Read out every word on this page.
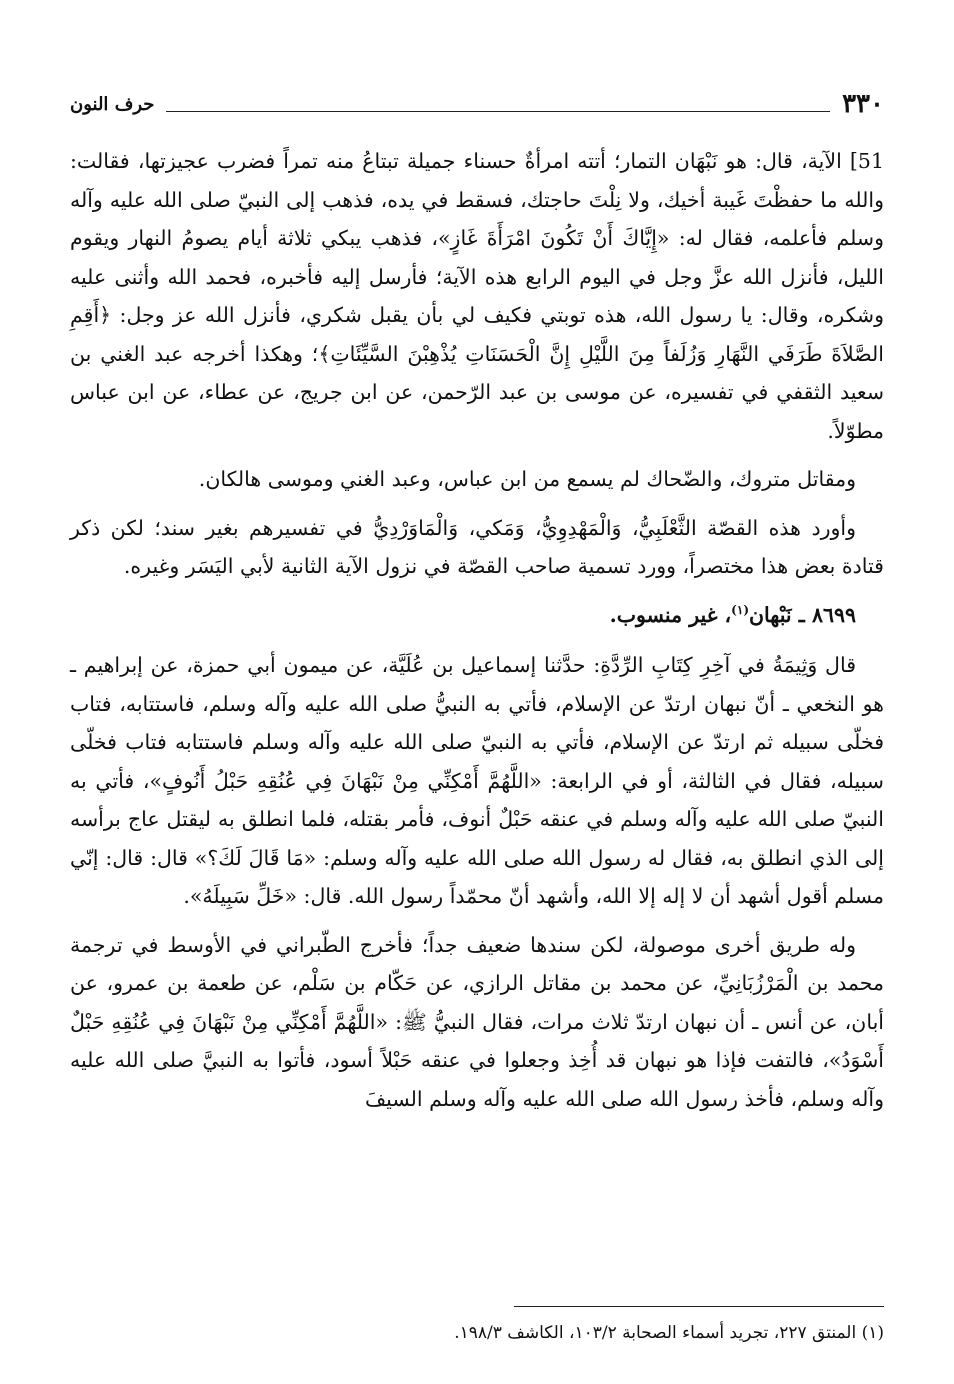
٣٣٠
حرف النون

51] الآية، قال: هو نَبْهَان التمار؛ أتته امرأةٌ حسناء جميلة تبتاعُ منه تمراً فضرب عجيزتها، فقالت: والله ما حفظْتَ غَيبة أخيك، ولا نِلْتَ حاجتك، فسقط في يده، فذهب إلى النبيّ صلى الله عليه وآله وسلم فأعلمه، فقال له: «إِيَّاكَ أَنْ تَكُونَ امْرَأَةَ غَازٍ»، فذهب يبكي ثلاثة أيام يصومُ النهار ويقوم الليل، فأنزل الله عزَّ وجل في اليوم الرابع هذه الآية؛ فأرسل إليه فأخبره، فحمد الله وأثنى عليه وشكره، وقال: يا رسول الله، هذه توبتي فكيف لي بأن يقبل شكري، فأنزل الله عز وجل: ﴿أَقِمِ الصَّلاَةَ طَرَفَي النَّهَارِ وَزُلَفاً مِنَ اللَّيْلِ إِنَّ الْحَسَنَاتِ يُذْهِبْنَ السَّيِّئَاتِ﴾؛ وهكذا أخرجه عبد الغني بن سعيد الثقفي في تفسيره، عن موسى بن عبد الرّحمن، عن ابن جريج، عن عطاء، عن ابن عباس مطوّلاً.

ومقاتل متروك، والضّحاك لم يسمع من ابن عباس، وعبد الغني وموسى هالكان.

وأورد هذه القصّة الثَّعْلَبِيُّ، وَالْمَهْدِوِيُّ، وَمَكي، وَالْمَاوَرْدِيُّ في تفسيرهم بغير سند؛ لكن ذكر قتادة بعض هذا مختصراً، وورد تسمية صاحب القصّة في نزول الآية الثانية لأبي اليَسَر وغيره.

٨٦٩٩ ـ نَبْهان$^{(١)}$، غير منسوب.

قال وَثِيمَةُ في آخِرِ كِتَابِ الرِّدَّةِ: حدَّثنا إسماعيل بن عُلَيَّة، عن ميمون أبي حمزة، عن إبراهيم ـ هو النخعي ـ أنّ نبهان ارتدّ عن الإسلام، فأتي به النبيُّ صلى الله عليه وآله وسلم، فاستتابه، فتاب فخلّى سبيله ثم ارتدّ عن الإسلام، فأتي به النبيّ صلى الله عليه وآله وسلم فاستتابه فتاب فخلّى سبيله، فقال في الثالثة، أو في الرابعة: «اللَّهُمَّ أَمْكِنِّي مِنْ نَبْهَانَ فِي عُنُقِهِ حَبْلُ أَنُوفٍ»، فأتي به النبيّ صلى الله عليه وآله وسلم في عنقه حَبْلٌ أنوف، فأمر بقتله، فلما انطلق به ليقتل عاج برأسه إلى الذي انطلق به، فقال له رسول الله صلى الله عليه وآله وسلم: «مَا قَالَ لَكَ؟» قال: قال: إنّي مسلم أقول أشهد أن لا إله إلا الله، وأشهد أنّ محمّداً رسول الله. قال: «خَلِّ سَبِيلَهُ».

وله طريق أخرى موصولة، لكن سندها ضعيف جداً؛ فأخرج الطّبراني في الأوسط في ترجمة محمد بن الْمَرْزُبَانِيِّ، عن محمد بن مقاتل الرازي، عن حَكّام بن سَلْم، عن طعمة بن عمرو، عن أبان، عن أنس ـ أن نبهان ارتدّ ثلاث مرات، فقال النبيُّ ﷺ: «اللَّهُمَّ أَمْكِنِّي مِنْ نَبْهَانَ فِي عُنُقِهِ حَبْلٌ أَسْوَدُ»، فالتفت فإذا هو نبهان قد أُخِذ وجعلوا في عنقه حَبْلاً أسود، فأتوا به النبيَّ صلى الله عليه وآله وسلم، فأخذ رسول الله صلى الله عليه وآله وسلم السيفَ

(١) المنتق ٢٢٧، تجريد أسماء الصحابة ١٠٣/٢، الكاشف ١٩٨/٣.
